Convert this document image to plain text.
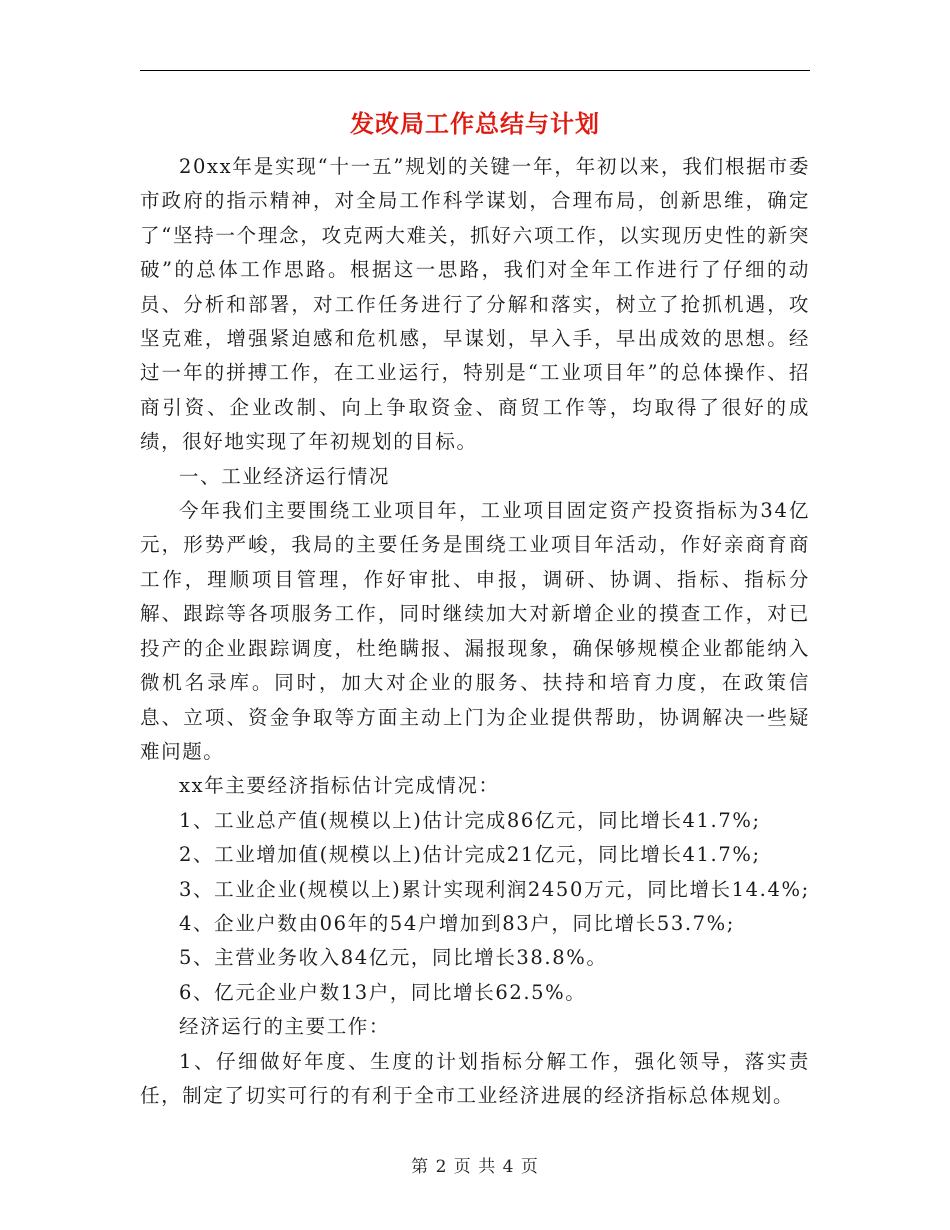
发改局工作总结与计划

20xx年是实现“十一五”规划的关键一年，年初以来，我们根据市委市政府的指示精神，对全局工作科学谋划，合理布局，创新思维，确定了“坚持一个理念，攻克两大难关，抓好六项工作，以实现历史性的新突破”的总体工作思路。根据这一思路，我们对全年工作进行了仔细的动员、分析和部署，对工作任务进行了分解和落实，树立了抢抓机遇，攻坚克难，增强紧迫感和危机感，早谋划，早入手，早出成效的思想。经过一年的拼搏工作，在工业运行，特别是“工业项目年”的总体操作、招商引资、企业改制、向上争取资金、商贸工作等，均取得了很好的成绩，很好地实现了年初规划的目标。

一、工业经济运行情况

今年我们主要围绕工业项目年，工业项目固定资产投资指标为34亿元，形势严峻，我局的主要任务是围绕工业项目年活动，作好亲商育商工作，理顺项目管理，作好审批、申报，调研、协调、指标、指标分解、跟踪等各项服务工作，同时继续加大对新增企业的摸查工作，对已投产的企业跟踪调度，杜绝瞒报、漏报现象，确保够规模企业都能纳入微机名录库。同时，加大对企业的服务、扶持和培育力度，在政策信息、立项、资金争取等方面主动上门为企业提供帮助，协调解决一些疑难问题。

xx年主要经济指标估计完成情况：

1、工业总产值(规模以上)估计完成86亿元，同比增长41.7%;

2、工业增加值(规模以上)估计完成21亿元，同比增长41.7%;

3、工业企业(规模以上)累计实现利润2450万元，同比增长14.4%;

4、企业户数由06年的54户增加到83户，同比增长53.7%;

5、主营业务收入84亿元，同比增长38.8%。

6、亿元企业户数13户，同比增长62.5%。

经济运行的主要工作：

1、仔细做好年度、生度的计划指标分解工作，强化领导，落实责任，制定了切实可行的有利于全市工业经济进展的经济指标总体规划。

第 2 页 共 4 页
